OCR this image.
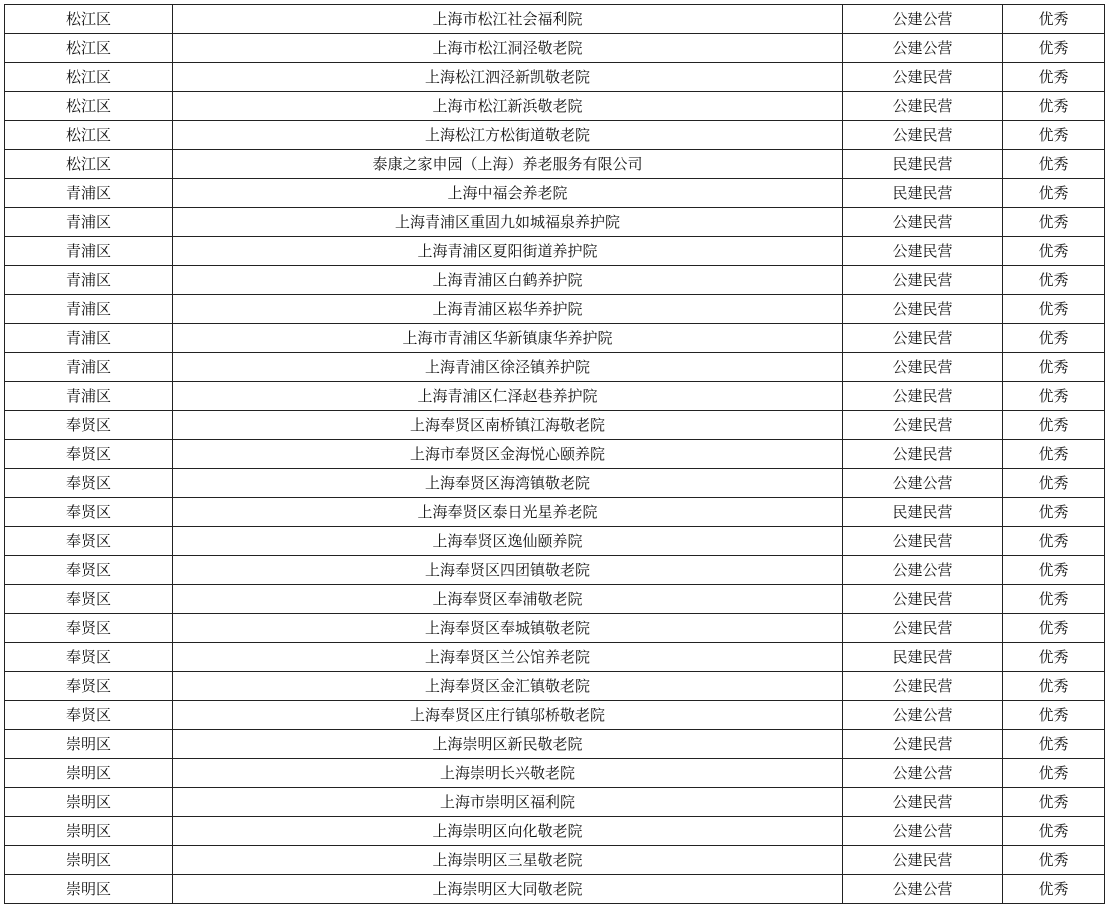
松江区	上海市松江社会福利院	公建公营	优秀
松江区	上海市松江洞泾敬老院	公建公营	优秀
松江区	上海松江泗泾新凯敬老院	公建民营	优秀
松江区	上海市松江新浜敬老院	公建民营	优秀
松江区	上海松江方松街道敬老院	公建民营	优秀
松江区	泰康之家申园（上海）养老服务有限公司	民建民营	优秀
青浦区	上海中福会养老院	民建民营	优秀
青浦区	上海青浦区重固九如城福泉养护院	公建民营	优秀
青浦区	上海青浦区夏阳街道养护院	公建民营	优秀
青浦区	上海青浦区白鹤养护院	公建民营	优秀
青浦区	上海青浦区崧华养护院	公建民营	优秀
青浦区	上海市青浦区华新镇康华养护院	公建民营	优秀
青浦区	上海青浦区徐泾镇养护院	公建民营	优秀
青浦区	上海青浦区仁泽赵巷养护院	公建民营	优秀
奉贤区	上海奉贤区南桥镇江海敬老院	公建民营	优秀
奉贤区	上海市奉贤区金海悦心颐养院	公建民营	优秀
奉贤区	上海奉贤区海湾镇敬老院	公建公营	优秀
奉贤区	上海奉贤区泰日光星养老院	民建民营	优秀
奉贤区	上海奉贤区逸仙颐养院	公建民营	优秀
奉贤区	上海奉贤区四团镇敬老院	公建公营	优秀
奉贤区	上海奉贤区奉浦敬老院	公建民营	优秀
奉贤区	上海奉贤区奉城镇敬老院	公建民营	优秀
奉贤区	上海奉贤区兰公馆养老院	民建民营	优秀
奉贤区	上海奉贤区金汇镇敬老院	公建民营	优秀
奉贤区	上海奉贤区庄行镇邬桥敬老院	公建公营	优秀
崇明区	上海崇明区新民敬老院	公建民营	优秀
崇明区	上海崇明长兴敬老院	公建公营	优秀
崇明区	上海市崇明区福利院	公建民营	优秀
崇明区	上海崇明区向化敬老院	公建公营	优秀
崇明区	上海崇明区三星敬老院	公建民营	优秀
崇明区	上海崇明区大同敬老院	公建公营	优秀
